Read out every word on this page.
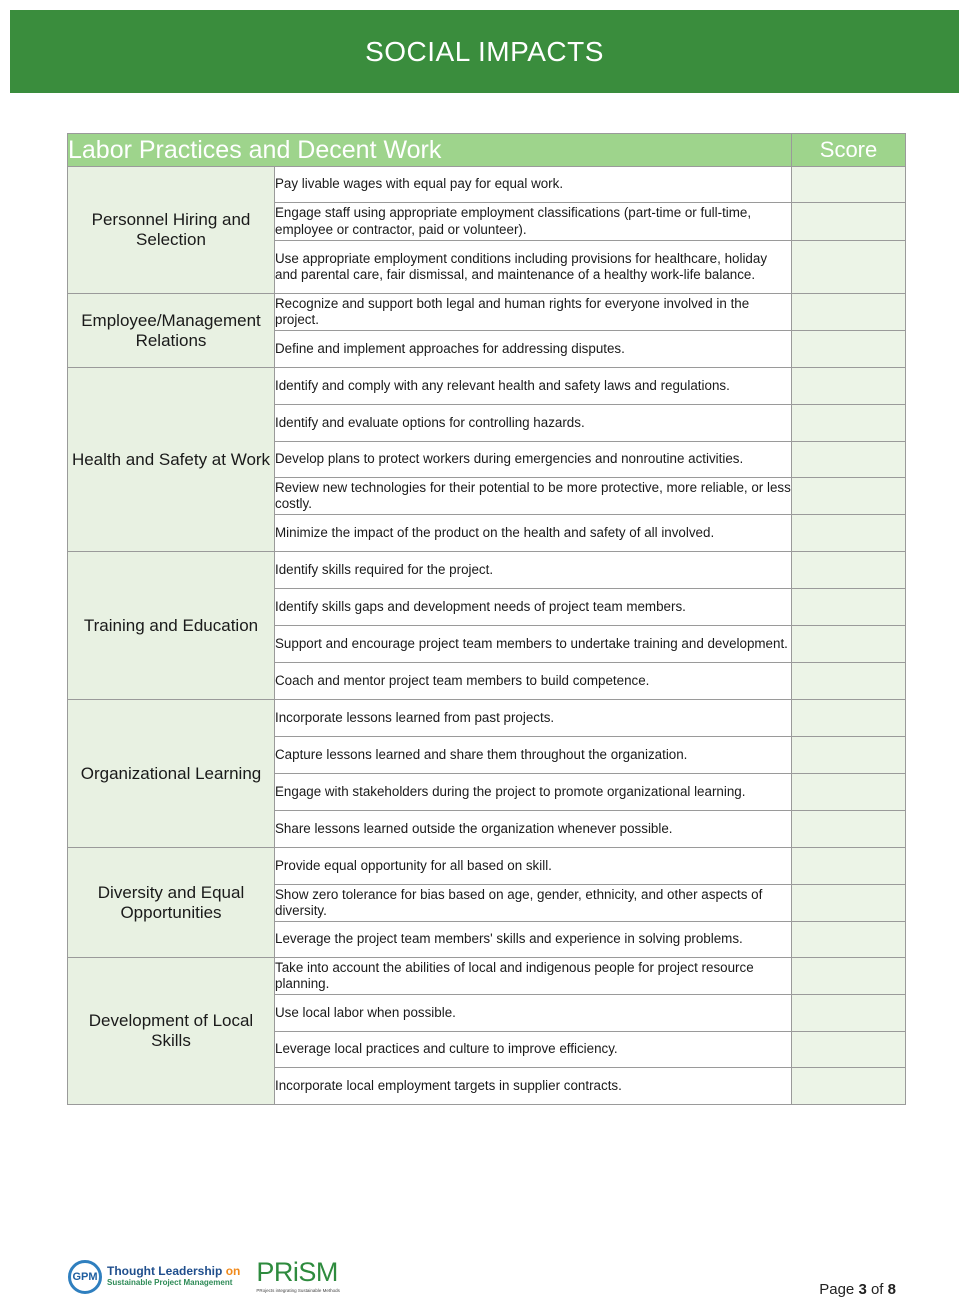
SOCIAL IMPACTS
Labor Practices and Decent Work		Score
Personnel Hiring and Selection	Pay livable wages with equal pay for equal work.	
	Engage staff using appropriate employment classifications (part-time or full-time, employee or contractor, paid or volunteer).	
	Use appropriate employment conditions including provisions for healthcare, holiday and parental care, fair dismissal, and maintenance of a healthy work-life balance.	
Employee/Management Relations	Recognize and support both legal and human rights for everyone involved in the project.	
	Define and implement approaches for addressing disputes.	
Health and Safety at Work	Identify and comply with any relevant health and safety laws and regulations.	
	Identify and evaluate options for controlling hazards.	
	Develop plans to protect workers during emergencies and nonroutine activities.	
	Review new technologies for their potential to be more protective, more reliable, or less costly.	
	Minimize the impact of the product on the health and safety of all involved.	
Training and Education	Identify skills required for the project.	
	Identify skills gaps and development needs of project team members.	
	Support and encourage project team members to undertake training and development.	
	Coach and mentor project team members to build competence.	
Organizational Learning	Incorporate lessons learned from past projects.	
	Capture lessons learned and share them throughout the organization.	
	Engage with stakeholders during the project to promote organizational learning.	
	Share lessons learned outside the organization whenever possible.	
Diversity and Equal Opportunities	Provide equal opportunity for all based on skill.	
	Show zero tolerance for bias based on age, gender, ethnicity, and other aspects of diversity.	
	Leverage the project team members' skills and experience in solving problems.	
Development of Local Skills	Take into account the abilities of local and indigenous people for project resource planning.	
	Use local labor when possible.	
	Leverage local practices and culture to improve efficiency.	
	Incorporate local employment targets in supplier contracts.	
GPM Thought Leadership on
Sustainable Project Management PRiSM
PRojects integrating Sustainable Methods	Page 3 of 8
